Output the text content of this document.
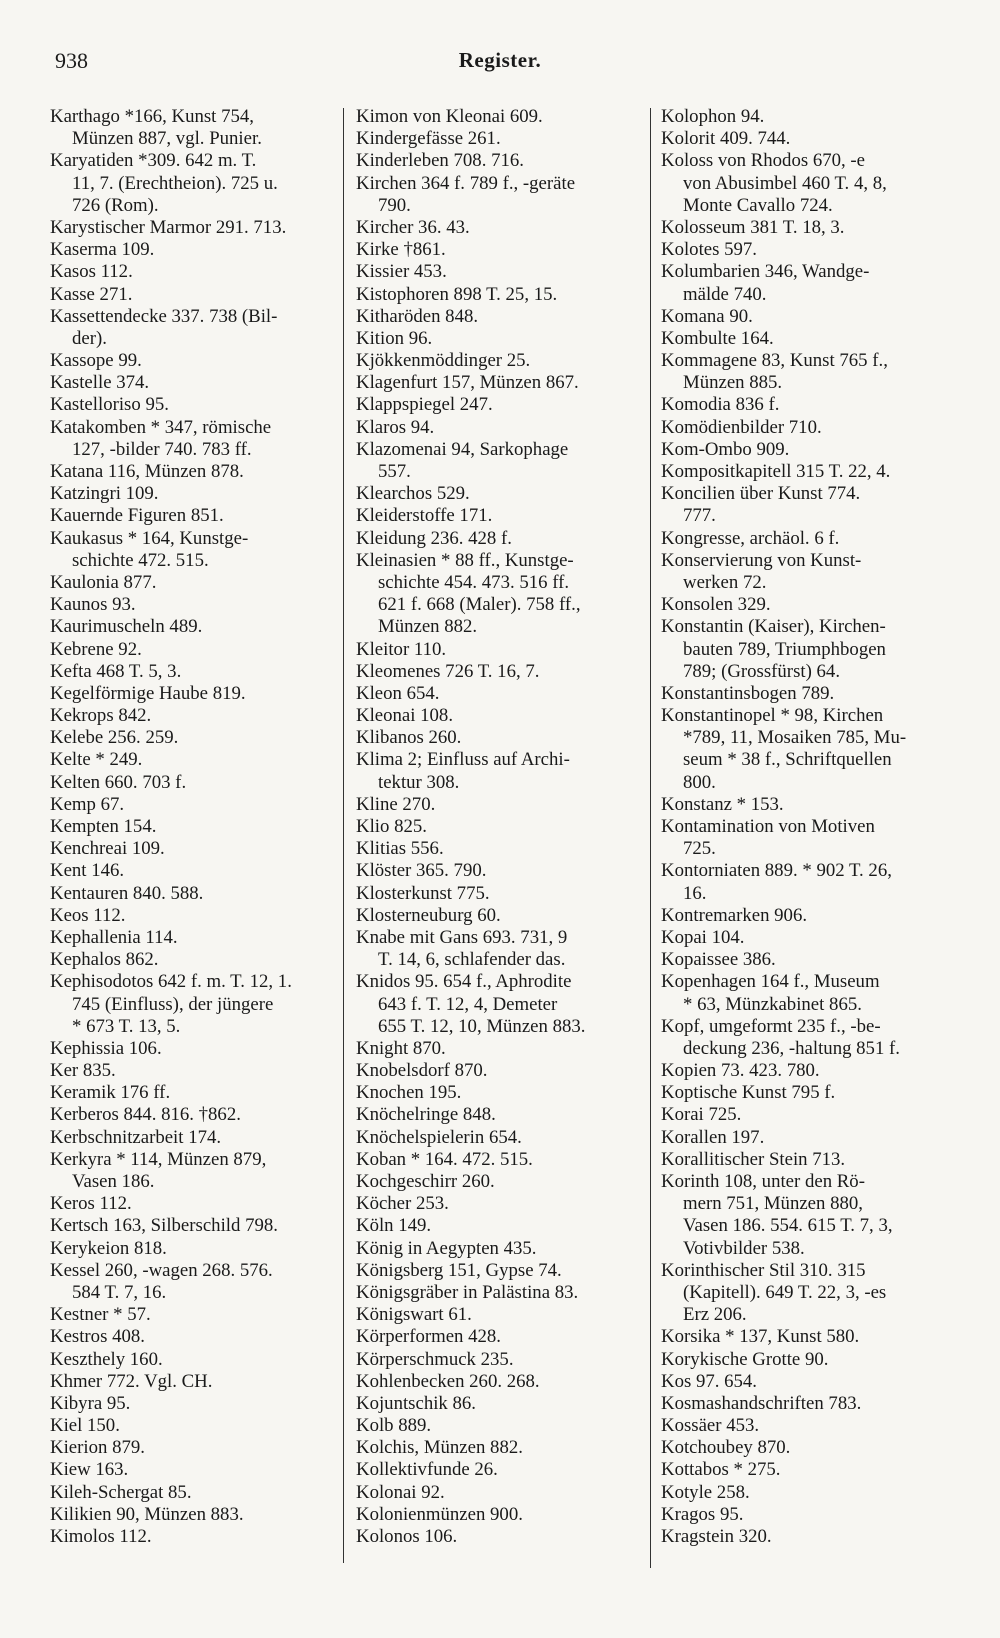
938	Register.
Karthago *166, Kunst 754,
Münzen 887, vgl. Punier.
Karyatiden *309. 642 m. T.
11, 7. (Erechtheion). 725 u.
726 (Rom).
Karystischer Marmor 291. 713.
Kaserma 109.
Kasos 112.
Kasse 271.
Kassettendecke 337. 738 (Bil-
der).
Kassope 99.
Kastelle 374.
Kastelloriso 95.
Katakomben * 347, römische
127, -bilder 740. 783 ff.
Katana 116, Münzen 878.
Katzingri 109.
Kauernde Figuren 851.
Kaukasus * 164, Kunstge-
schichte 472. 515.
Kaulonia 877.
Kaunos 93.
Kaurimuscheln 489.
Kebrene 92.
Kefta 468 T. 5, 3.
Kegelförmige Haube 819.
Kekrops 842.
Kelebe 256. 259.
Kelte * 249.
Kelten 660. 703 f.
Kemp 67.
Kempten 154.
Kenchreai 109.
Kent 146.
Kentauren 840. 588.
Keos 112.
Kephallenia 114.
Kephalos 862.
Kephisodotos 642 f. m. T. 12, 1.
745 (Einfluss), der jüngere
* 673 T. 13, 5.
Kephissia 106.
Ker 835.
Keramik 176 ff.
Kerberos 844. 816. †862.
Kerbschnitzarbeit 174.
Kerkyra * 114, Münzen 879,
Vasen 186.
Keros 112.
Kertsch 163, Silberschild 798.
Kerykeion 818.
Kessel 260, -wagen 268. 576.
584 T. 7, 16.
Kestner * 57.
Kestros 408.
Keszthely 160.
Khmer 772. Vgl. CH.
Kibyra 95.
Kiel 150.
Kierion 879.
Kiew 163.
Kileh-Schergat 85.
Kilikien 90, Münzen 883.
Kimolos 112.
Kimon von Kleonai 609.
Kindergefässe 261.
Kinderleben 708. 716.
Kirchen 364 f. 789 f., -geräte
790.
Kircher 36. 43.
Kirke †861.
Kissier 453.
Kistophoren 898 T. 25, 15.
Kitharöden 848.
Kition 96.
Kjökkenmöddinger 25.
Klagenfurt 157, Münzen 867.
Klappspiegel 247.
Klaros 94.
Klazomenai 94, Sarkophage
557.
Klearchos 529.
Kleiderstoffe 171.
Kleidung 236. 428 f.
Kleinasien * 88 ff., Kunstge-
schichte 454. 473. 516 ff.
621 f. 668 (Maler). 758 ff.,
Münzen 882.
Kleitor 110.
Kleomenes 726 T. 16, 7.
Kleon 654.
Kleonai 108.
Klibanos 260.
Klima 2; Einfluss auf Archi-
tektur 308.
Kline 270.
Klio 825.
Klitias 556.
Klöster 365. 790.
Klosterkunst 775.
Klosterneuburg 60.
Knabe mit Gans 693. 731, 9
T. 14, 6, schlafender das.
Knidos 95. 654 f., Aphrodite
643 f. T. 12, 4, Demeter
655 T. 12, 10, Münzen 883.
Knight 870.
Knobelsdorf 870.
Knochen 195.
Knöchelringe 848.
Knöchelspielerin 654.
Koban * 164. 472. 515.
Kochgeschirr 260.
Köcher 253.
Köln 149.
König in Aegypten 435.
Königsberg 151, Gypse 74.
Königsgräber in Palästina 83.
Königswart 61.
Körperformen 428.
Körperschmuck 235.
Kohlenbecken 260. 268.
Kojuntschik 86.
Kolb 889.
Kolchis, Münzen 882.
Kollektivfunde 26.
Kolonai 92.
Kolonienmünzen 900.
Kolonos 106.
Kolophon 94.
Kolorit 409. 744.
Koloss von Rhodos 670, -e
von Abusimbel 460 T. 4, 8,
Monte Cavallo 724.
Kolosseum 381 T. 18, 3.
Kolotes 597.
Kolumbarien 346, Wandge-
mälde 740.
Komana 90.
Kombulte 164.
Kommagene 83, Kunst 765 f.,
Münzen 885.
Komodia 836 f.
Komödienbilder 710.
Kom-Ombo 909.
Kompositkapitell 315 T. 22, 4.
Koncilien über Kunst 774.
777.
Kongresse, archäol. 6 f.
Konservierung von Kunst-
werken 72.
Konsolen 329.
Konstantin (Kaiser), Kirchen-
bauten 789, Triumphbogen
789; (Grossfürst) 64.
Konstantinsbogen 789.
Konstantinopel * 98, Kirchen
*789, 11, Mosaiken 785, Mu-
seum * 38 f., Schriftquellen
800.
Konstanz * 153.
Kontamination von Motiven
725.
Kontorniaten 889. * 902 T. 26,
16.
Kontremarken 906.
Kopai 104.
Kopaissee 386.
Kopenhagen 164 f., Museum
* 63, Münzkabinet 865.
Kopf, umgeformt 235 f., -be-
deckung 236, -haltung 851 f.
Kopien 73. 423. 780.
Koptische Kunst 795 f.
Korai 725.
Korallen 197.
Korallitischer Stein 713.
Korinth 108, unter den Rö-
mern 751, Münzen 880,
Vasen 186. 554. 615 T. 7, 3,
Votivbilder 538.
Korinthischer Stil 310. 315
(Kapitell). 649 T. 22, 3, -es
Erz 206.
Korsika * 137, Kunst 580.
Korykische Grotte 90.
Kos 97. 654.
Kosmashandschriften 783.
Kossäer 453.
Kotchoubey 870.
Kottabos * 275.
Kotyle 258.
Kragos 95.
Kragstein 320.
